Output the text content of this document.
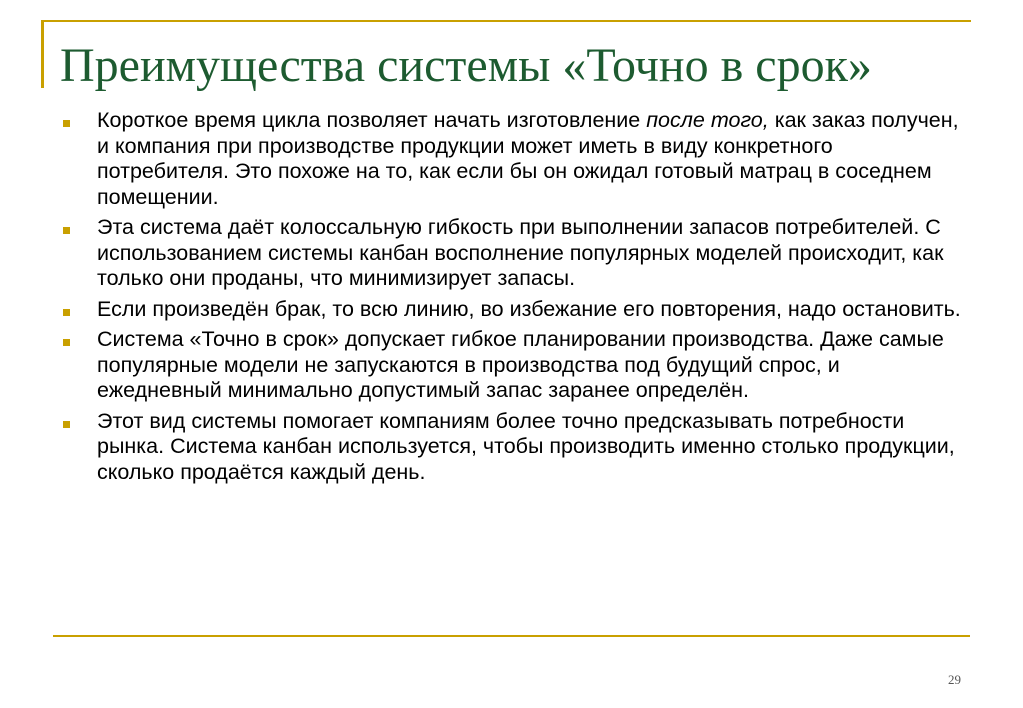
Преимущества системы «Точно в срок»
Короткое время цикла позволяет начать изготовление после того, как заказ получен, и компания при производстве продукции может иметь в виду конкретного потребителя. Это похоже на то, как если бы он ожидал готовый матрац в соседнем помещении.
Эта система даёт колоссальную гибкость при выполнении запасов потребителей. С использованием системы канбан восполнение популярных моделей происходит, как только они проданы, что минимизирует запасы.
Если произведён брак, то всю линию, во избежание его повторения, надо остановить.
Система «Точно в срок» допускает гибкое планировании производства. Даже самые популярные модели не запускаются в производства под будущий спрос, и ежедневный минимально допустимый запас заранее определён.
Этот вид системы помогает компаниям более точно предсказывать потребности рынка. Система канбан используется, чтобы производить именно столько продукции, сколько продаётся каждый день.
29
